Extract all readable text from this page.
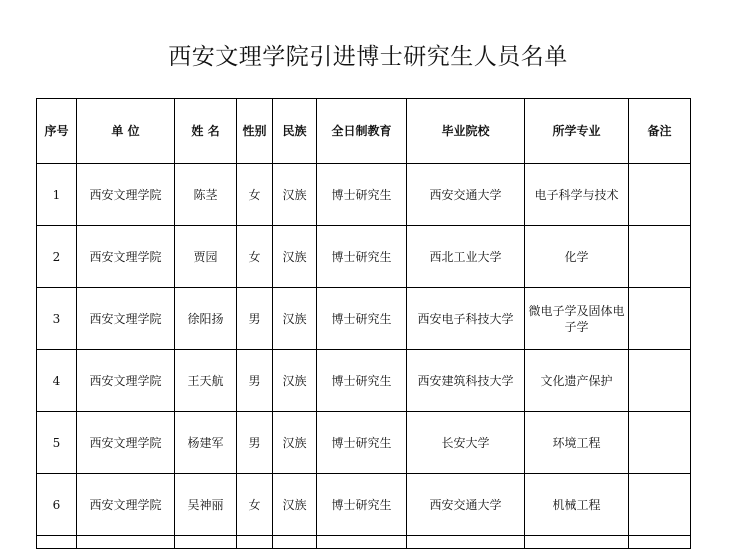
西安文理学院引进博士研究生人员名单
序号	单 位	姓 名	性别	民族	全日制教育	毕业院校	所学专业	备注
1	西安文理学院	陈茎	女	汉族	博士研究生	西安交通大学	电子科学与技术	
2	西安文理学院	贾园	女	汉族	博士研究生	西北工业大学	化学	
3	西安文理学院	徐阳扬	男	汉族	博士研究生	西安电子科技大学	微电子学及固体电子学	
4	西安文理学院	王天航	男	汉族	博士研究生	西安建筑科技大学	文化遗产保护	
5	西安文理学院	杨建军	男	汉族	博士研究生	长安大学	环境工程	
6	西安文理学院	吴神丽	女	汉族	博士研究生	西安交通大学	机械工程	
